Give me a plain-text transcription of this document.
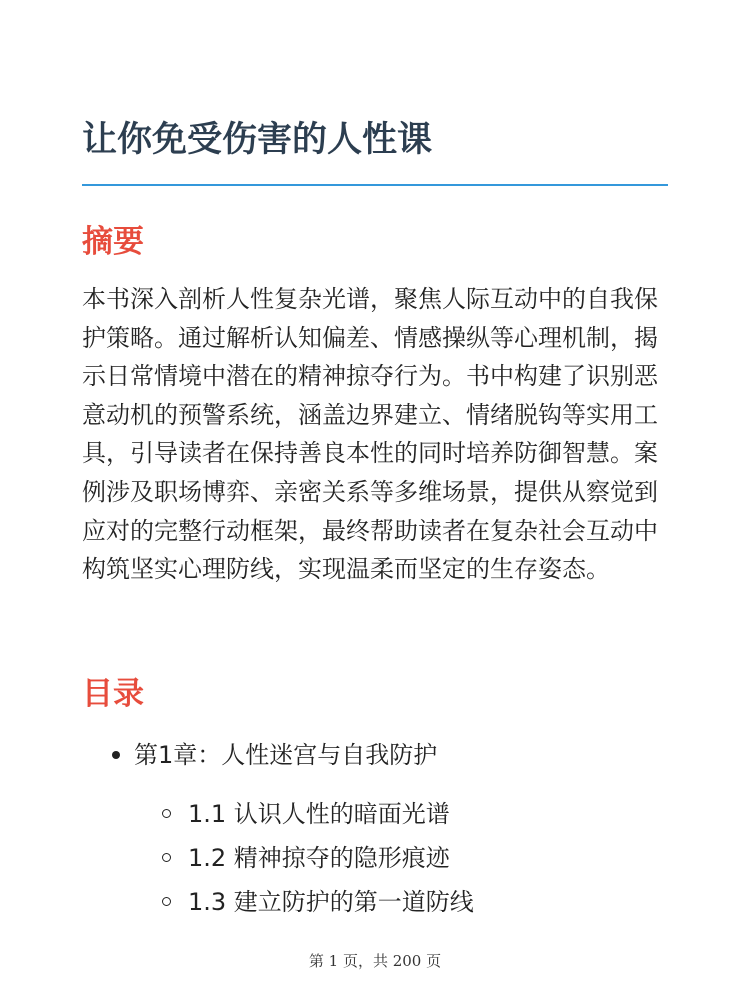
让你免受伤害的人性课
摘要

本书深入剖析人性复杂光谱，聚焦人际互动中的自我保护策略。通过解析认知偏差、情感操纵等心理机制，揭示日常情境中潜在的精神掠夺行为。书中构建了识别恶意动机的预警系统，涵盖边界建立、情绪脱钩等实用工具，引导读者在保持善良本性的同时培养防御智慧。案例涉及职场博弈、亲密关系等多维场景，提供从察觉到应对的完整行动框架，最终帮助读者在复杂社会互动中构筑坚实心理防线，实现温柔而坚定的生存姿态。

目录
第1章：人性迷宫与自我防护
1.1 认识人性的暗面光谱
1.2 精神掠夺的隐形痕迹
1.3 建立防护的第一道防线
第 1 页，共 200 页
